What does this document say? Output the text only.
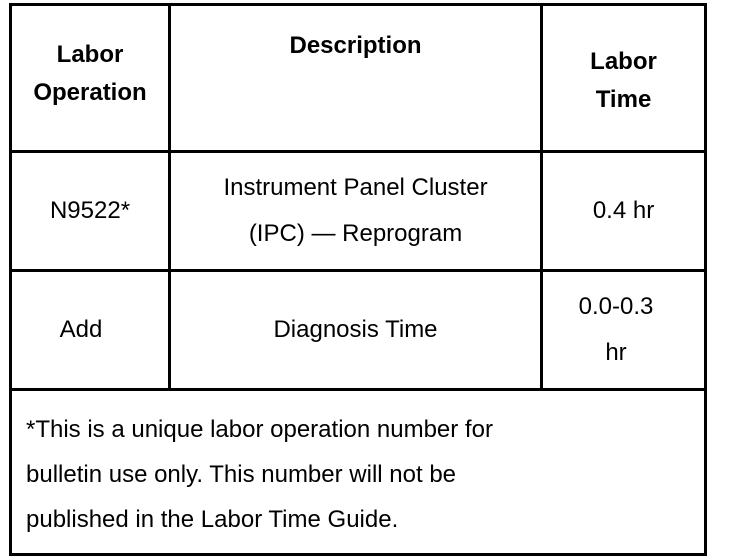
Labor
Operation
Description
Labor
Time
N9522*
Instrument Panel Cluster
(IPC) — Reprogram
0.4 hr
Add	Diagnosis Time
0.0-0.3
hr
*This is a unique labor operation number for
bulletin use only. This number will not be
published in the Labor Time Guide.
